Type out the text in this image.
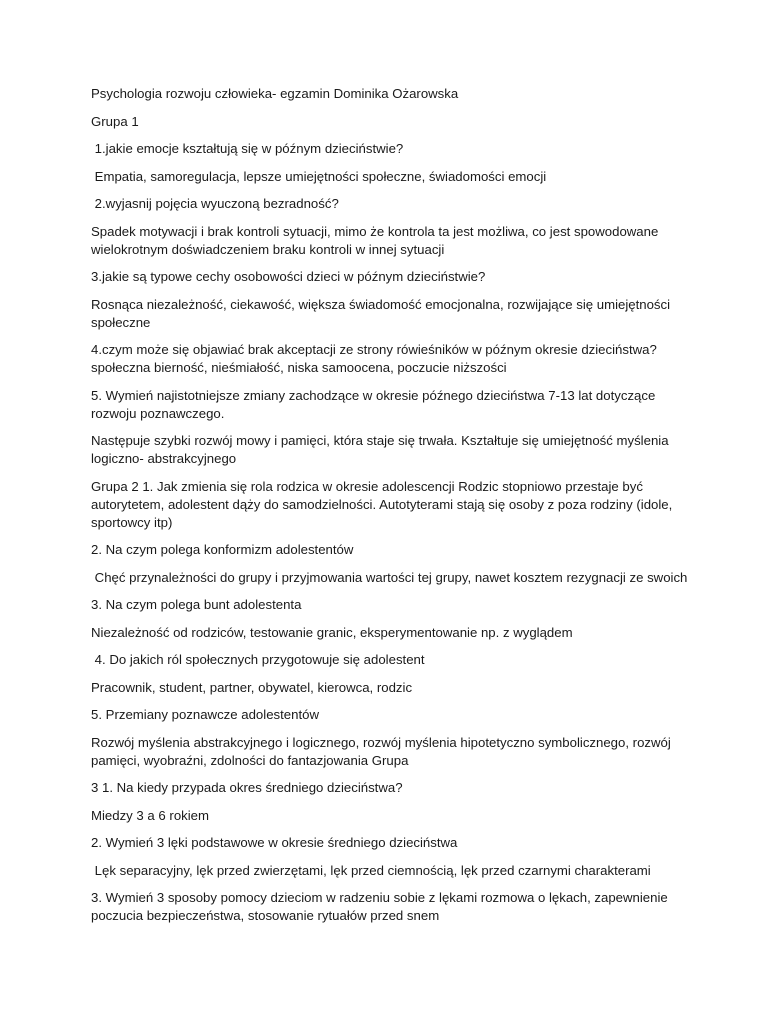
Psychologia rozwoju człowieka- egzamin Dominika Ożarowska

Grupa 1

1.jakie emocje kształtują się w późnym dzieciństwie?

Empatia, samoregulacja, lepsze umiejętności społeczne, świadomości emocji

2.wyjasnij pojęcia wyuczoną bezradność?

Spadek motywacji i brak kontroli sytuacji, mimo że kontrola ta jest możliwa, co jest spowodowane wielokrotnym doświadczeniem braku kontroli w innej sytuacji

3.jakie są typowe cechy osobowości dzieci w późnym dzieciństwie?

Rosnąca niezależność, ciekawość, większa świadomość emocjonalna, rozwijające się umiejętności społeczne

4.czym może się objawiać brak akceptacji ze strony rówieśników w późnym okresie dzieciństwa? społeczna bierność, nieśmiałość, niska samoocena, poczucie niższości

5. Wymień najistotniejsze zmiany zachodzące w okresie późnego dzieciństwa 7-13 lat dotyczące rozwoju poznawczego.

Następuje szybki rozwój mowy i pamięci, która staje się trwała. Kształtuje się umiejętność myślenia logiczno- abstrakcyjnego

Grupa 2 1. Jak zmienia się rola rodzica w okresie adolescencji Rodzic stopniowo przestaje być autorytetem, adolestent dąży do samodzielności. Autotyterami stają się osoby z poza rodziny (idole, sportowcy itp)

2. Na czym polega konformizm adolestentów

Chęć przynależności do grupy i przyjmowania wartości tej grupy, nawet kosztem rezygnacji ze swoich

3. Na czym polega bunt adolestenta

Niezależność od rodziców, testowanie granic, eksperymentowanie np. z wyglądem

4. Do jakich ról społecznych przygotowuje się adolestent

Pracownik, student, partner, obywatel, kierowca, rodzic

5. Przemiany poznawcze adolestentów

Rozwój myślenia abstrakcyjnego i logicznego, rozwój myślenia hipotetyczno symbolicznego, rozwój pamięci, wyobraźni, zdolności do fantazjowania Grupa

3 1. Na kiedy przypada okres średniego dzieciństwa?

Miedzy 3 a 6 rokiem

2. Wymień 3 lęki podstawowe w okresie średniego dzieciństwa

Lęk separacyjny, lęk przed zwierzętami, lęk przed ciemnością, lęk przed czarnymi charakterami

3. Wymień 3 sposoby pomocy dzieciom w radzeniu sobie z lękami rozmowa o lękach, zapewnienie poczucia bezpieczeństwa, stosowanie rytuałów przed snem
